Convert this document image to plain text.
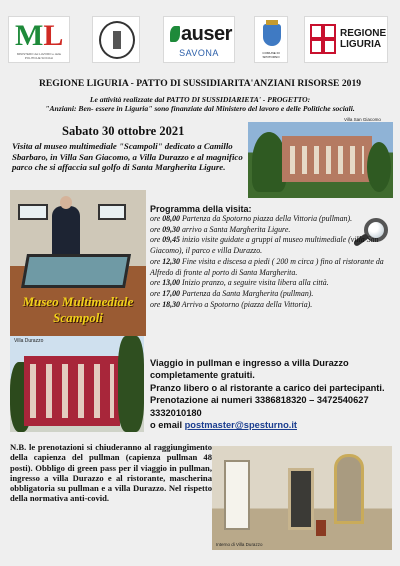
ML
MINISTERO del LAVORO e delle POLITICHE SOCIALI
auser
SAVONA	COMUNE DI SPOTORNO
REGIONE
LIGURIA
REGIONE LIGURIA - PATTO DI SUSSIDIARITA'ANZIANI RISORSE 2019
Le attività realizzate dal PATTO DI SUSSIDIARIETA' - PROGETTO:
"Anziani: Ben- essere in Liguria" sono finanziate dal Ministero del lavoro e delle Politiche sociali.
Sabato 30 ottobre 2021
Visita al museo multimediale "Scampoli" dedicato a Camillo Sbarbaro, in Villa San Giacomo, a Villa Durazzo e al magnifico parco che si affaccia sul golfo di Santa Margherita Ligure.
Villa San Giacomo
Museo Multimediale
Scampoli
Programma della visita:
ore 08,00 Partenza da Spotorno piazza della Vittoria (pullman).
ore 09,30 arrivo a Santa Margherita Ligure.
ore 09,45 inizio visite guidate a gruppi al museo multimediale (villa San Giacomo), il parco e villa Durazzo.
ore 12,30 Fine visita e discesa a piedi ( 200 m circa ) fino al ristorante da Alfredo di fronte al porto di Santa Margherita.
ore 13,00 Inizio pranzo, a seguire visita libera alla città.
ore 17,00 Partenza da Santa Margherita (pullman).
ore 18,30 Arrivo a Spotorno (piazza della Vittoria).
Villa Durazzo
Viaggio in pullman e ingresso a villa Durazzo completamente gratuiti.
Pranzo libero o al ristorante a carico dei partecipanti.
Prenotazione ai numeri 3386818320 – 3472540627 3332010180
o email postmaster@spesturno.it
N.B. le prenotazioni si chiuderanno al raggiungimento della capienza del pullman (capienza pullman 48 posti). Obbligo di green pass per il viaggio in pullman, ingresso a villa Durazzo e al ristorante, mascherina obbligatoria su pullman e a villa Durazzo. Nel rispetto della normativa anti-covid.
Interno di Villa Durazzo
